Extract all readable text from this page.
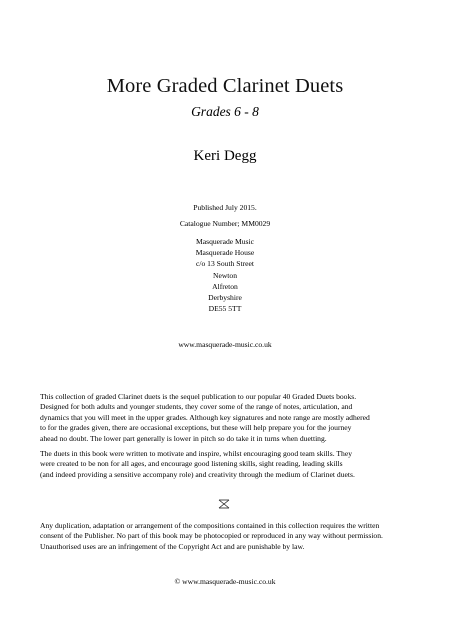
More Graded Clarinet Duets
Grades 6 - 8
Keri Degg
Published July 2015.
Catalogue Number; MM0029
Masquerade Music
Masquerade House
c/o 13 South Street
Newton
Alfreton
Derbyshire
DE55 5TT
www.masquerade-music.co.uk
This collection of graded Clarinet duets is the sequel publication to our popular 40 Graded Duets books.
Designed for both adults and younger students, they cover some of the range of notes, articulation, and
dynamics that you will meet in the upper grades. Although key signatures and note range are mostly adhered
to for the grades given, there are occasional exceptions, but these will help prepare you for the journey
ahead no doubt. The lower part generally is lower in pitch so do take it in turns when duetting.
The duets in this book were written to motivate and inspire, whilst encouraging good team skills. They
were created to be non for all ages, and encourage good listening skills, sight reading, leading skills
(and indeed providing a sensitive accompany role) and creativity through the medium of Clarinet duets.
Any duplication, adaptation or arrangement of the compositions contained in this collection requires the written
consent of the Publisher. No part of this book may be photocopied or reproduced in any way without permission.
Unauthorised uses are an infringement of the Copyright Act and are punishable by law.
© www.masquerade-music.co.uk
